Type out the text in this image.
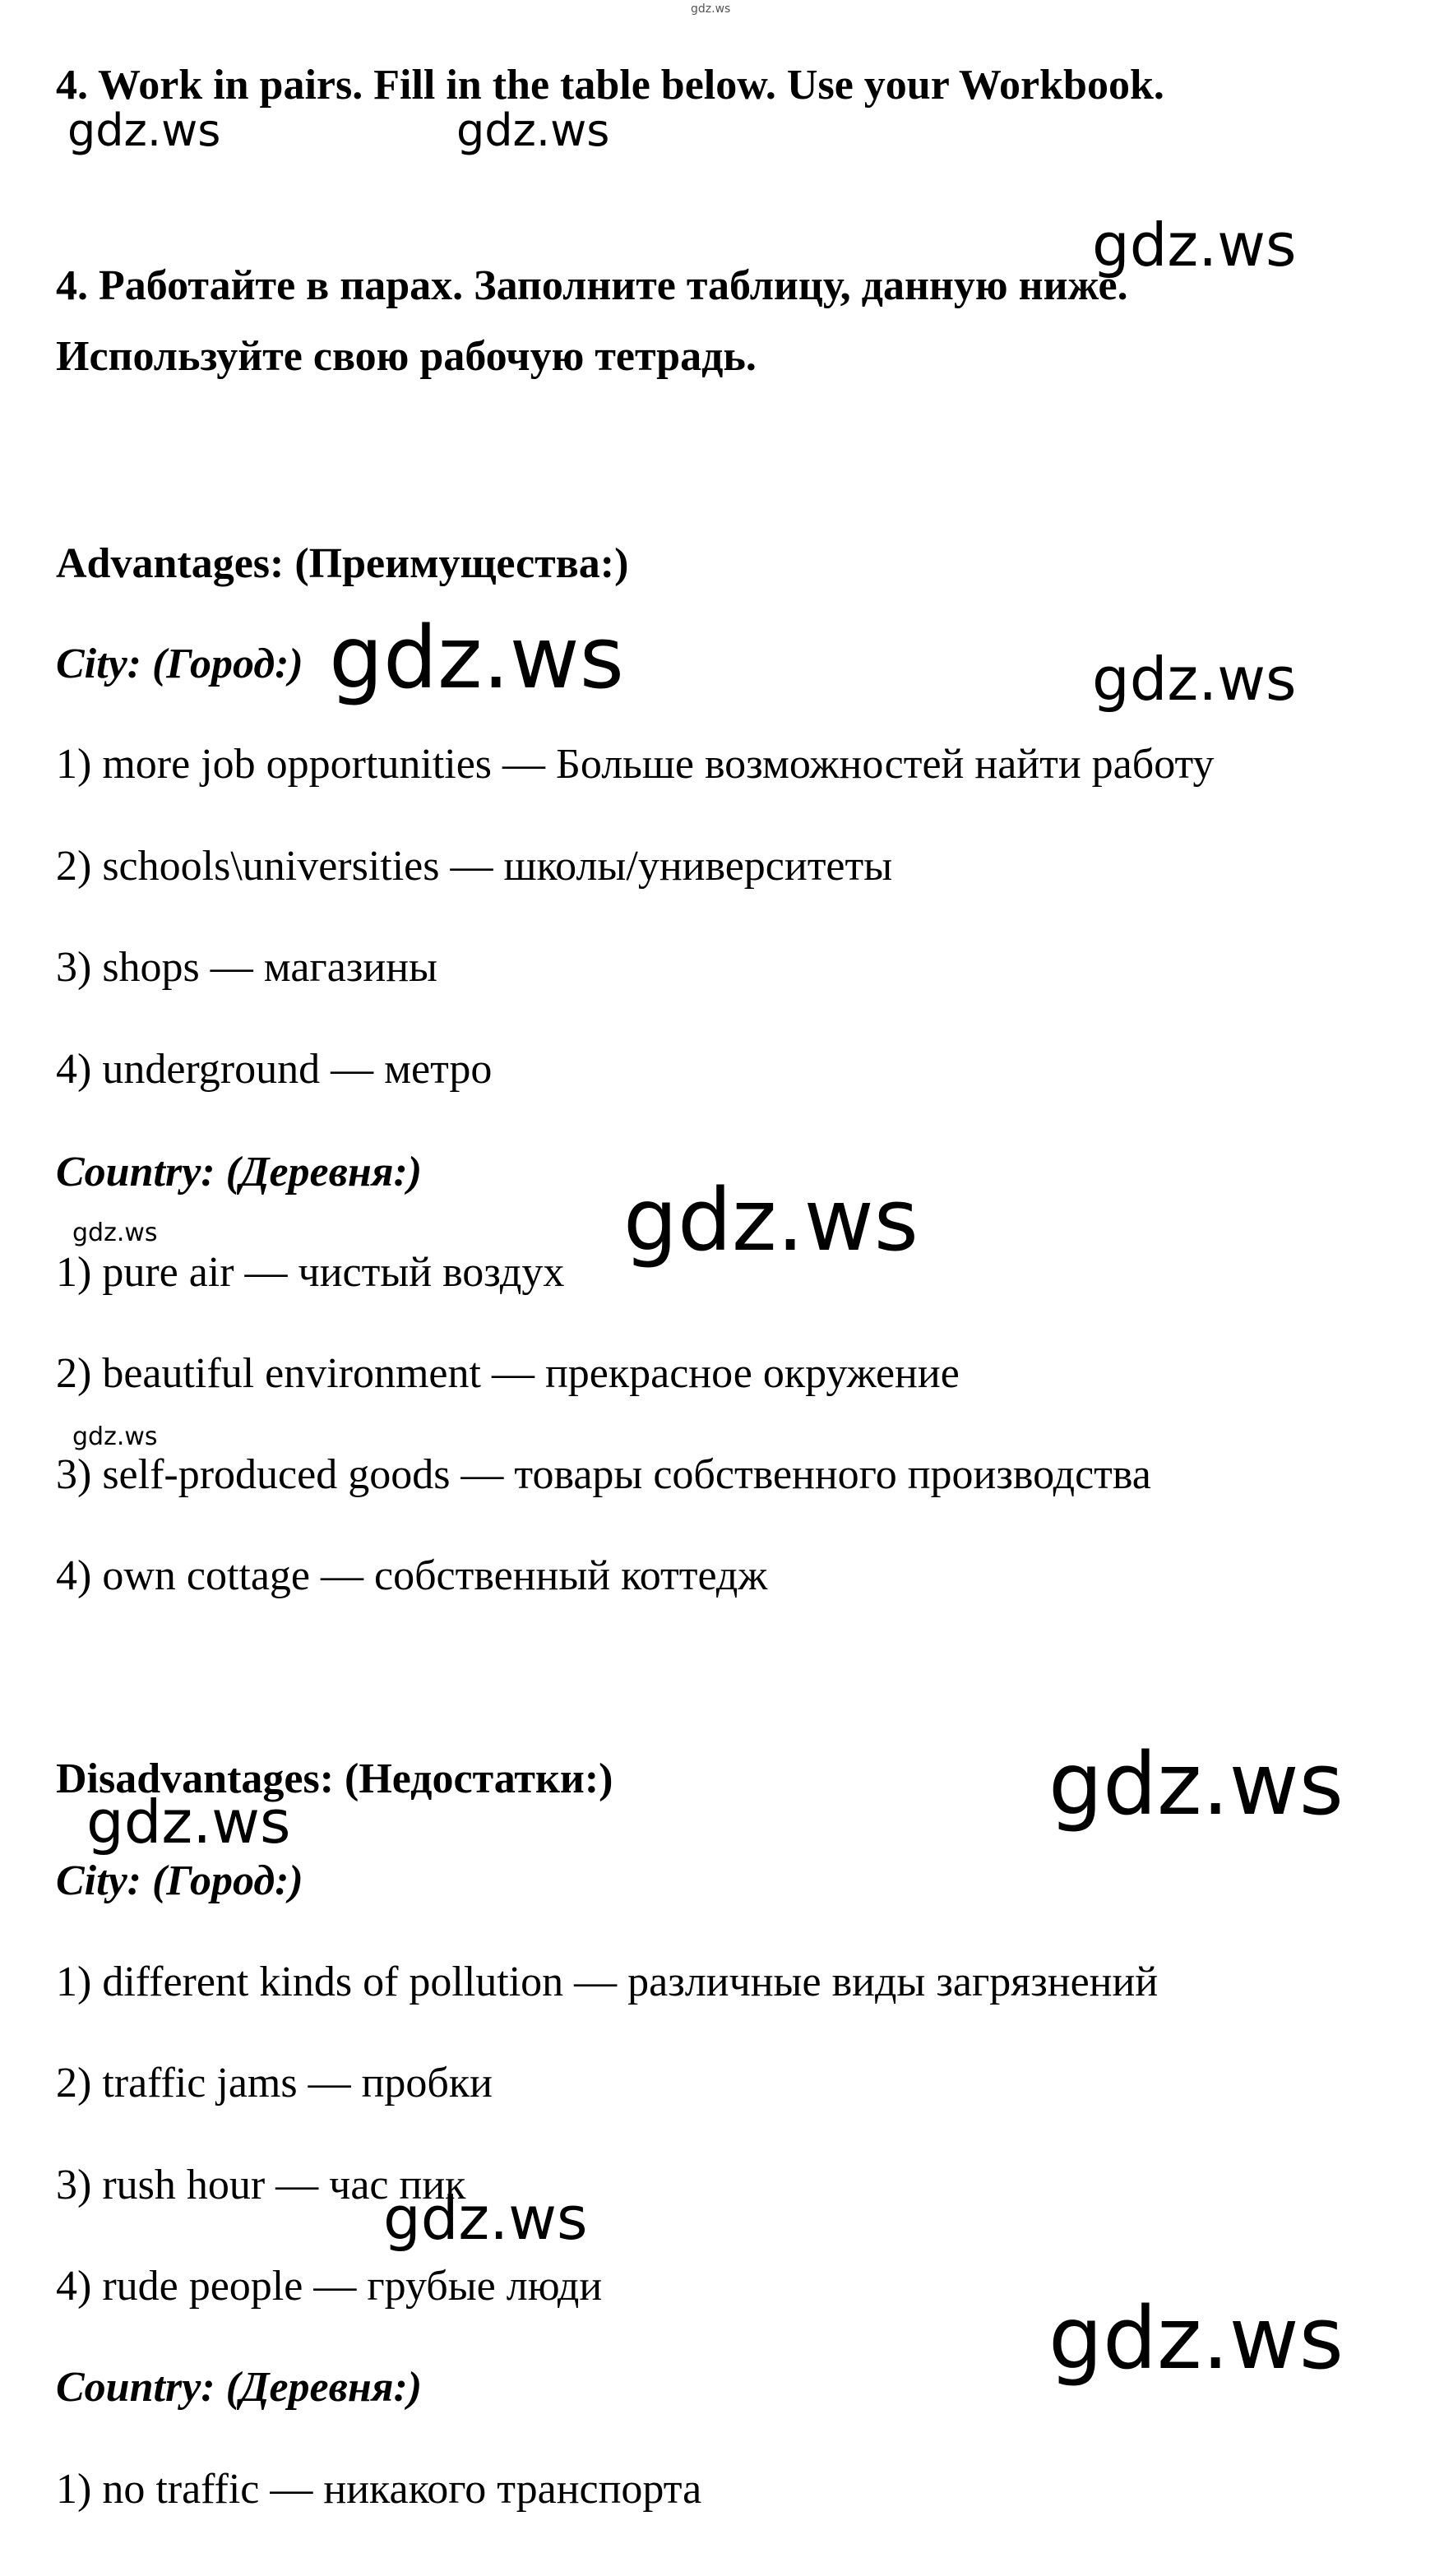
4. Work in pairs. Fill in the table below. Use your Workbook.
4. Работайте в парах. Заполните таблицу, данную ниже.
Используйте свою рабочую тетрадь.
Advantages: (Преимущества:)
City: (Город:)
1) more job opportunities — Больше возможностей найти работу
2) schools\universities — школы/университеты
3) shops — магазины
4) underground — метро
Country: (Деревня:)
1) pure air — чистый воздух
2) beautiful environment — прекрасное окружение
3) self-produced goods — товары собственного производства
4) own cottage — собственный коттедж
Disadvantages: (Недостатки:)
City: (Город:)
1) different kinds of pollution — различные виды загрязнений
2) traffic jams — пробки
3) rush hour — час пик
4) rude people — грубые люди
Country: (Деревня:)
1) no traffic — никакого транспорта
gdz.ws
gdz.ws	gdz.ws
gdz.ws
gdz.ws	gdz.ws
gdz.ws
gdz.ws
gdz.ws
gdz.ws
gdz.ws
gdz.ws
gdz.ws
